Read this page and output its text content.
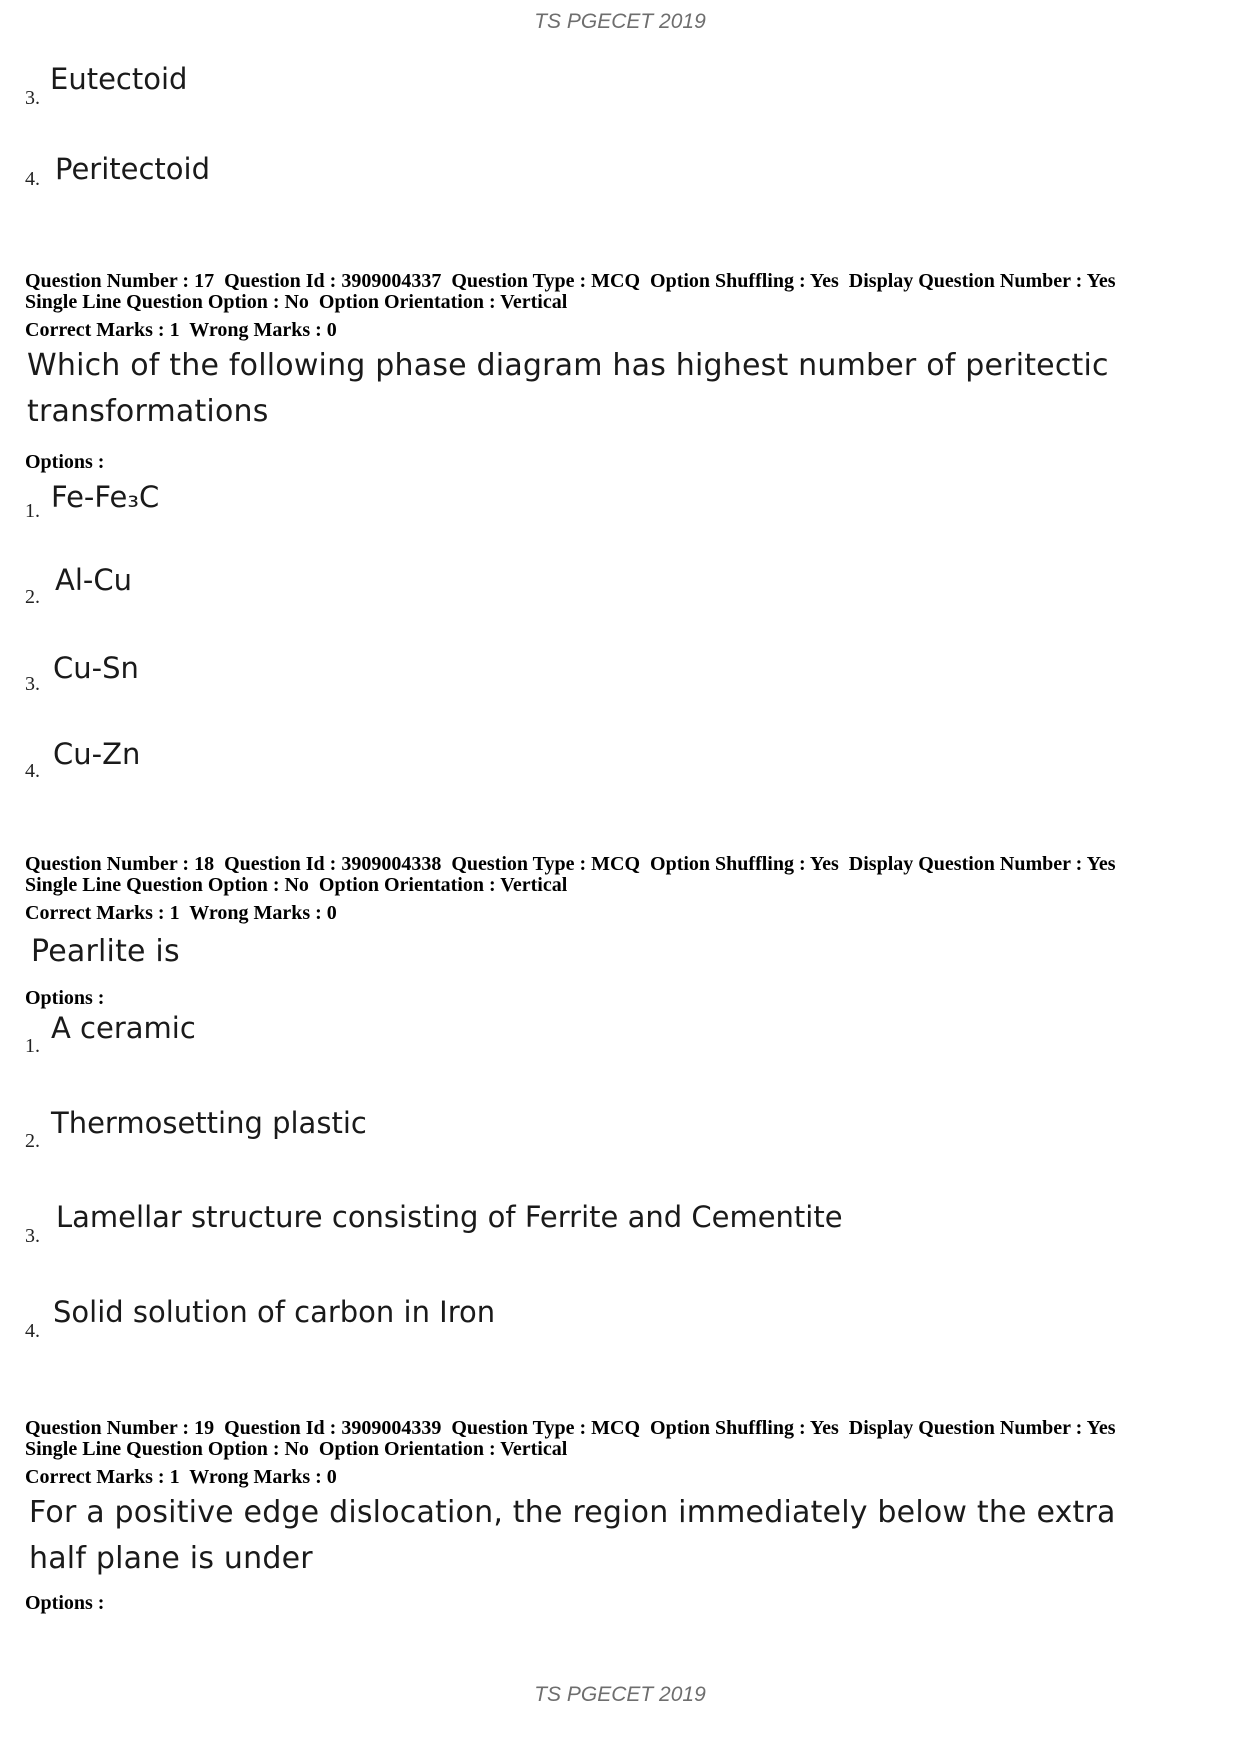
TS PGECET 2019
3.
Eutectoid
4. Peritectoid
Question Number : 17  Question Id : 3909004337  Question Type : MCQ  Option Shuffling : Yes  Display Question Number : Yes
Single Line Question Option : No  Option Orientation : Vertical
Correct Marks : 1  Wrong Marks : 0
Which of the following phase diagram has highest number of peritectic transformations
Options :
1. Fe-Fe₃C
2. Al-Cu
3. Cu-Sn
4. Cu-Zn
Question Number : 18  Question Id : 3909004338  Question Type : MCQ  Option Shuffling : Yes  Display Question Number : Yes
Single Line Question Option : No  Option Orientation : Vertical
Correct Marks : 1  Wrong Marks : 0
Pearlite is
Options :
1.
A ceramic
2.
Thermosetting plastic
3.
Lamellar structure consisting of Ferrite and Cementite
4.
Solid solution of carbon in Iron
Question Number : 19  Question Id : 3909004339  Question Type : MCQ  Option Shuffling : Yes  Display Question Number : Yes
Single Line Question Option : No  Option Orientation : Vertical
Correct Marks : 1  Wrong Marks : 0
For a positive edge dislocation, the region immediately below the extra half plane is under
Options :
TS PGECET 2019
